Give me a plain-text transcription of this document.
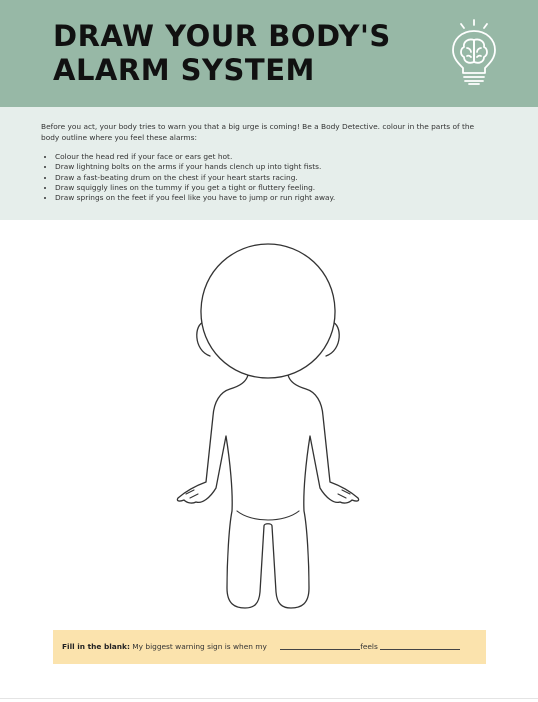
DRAW YOUR BODY'S
ALARM SYSTEM

Before you act, your body tries to warn you that a big urge is coming! Be a Body Detective. colour in the parts of the body outline where you feel these alarms:

• Colour the head red if your face or ears get hot.
• Draw lightning bolts on the arms if your hands clench up into tight fists.
• Draw a fast-beating drum on the chest if your heart starts racing.
• Draw squiggly lines on the tummy if you get a tight or fluttery feeling.
• Draw springs on the feet if you feel like you have to jump or run right away.
Fill in the blank: My biggest warning sign is when my	feels
